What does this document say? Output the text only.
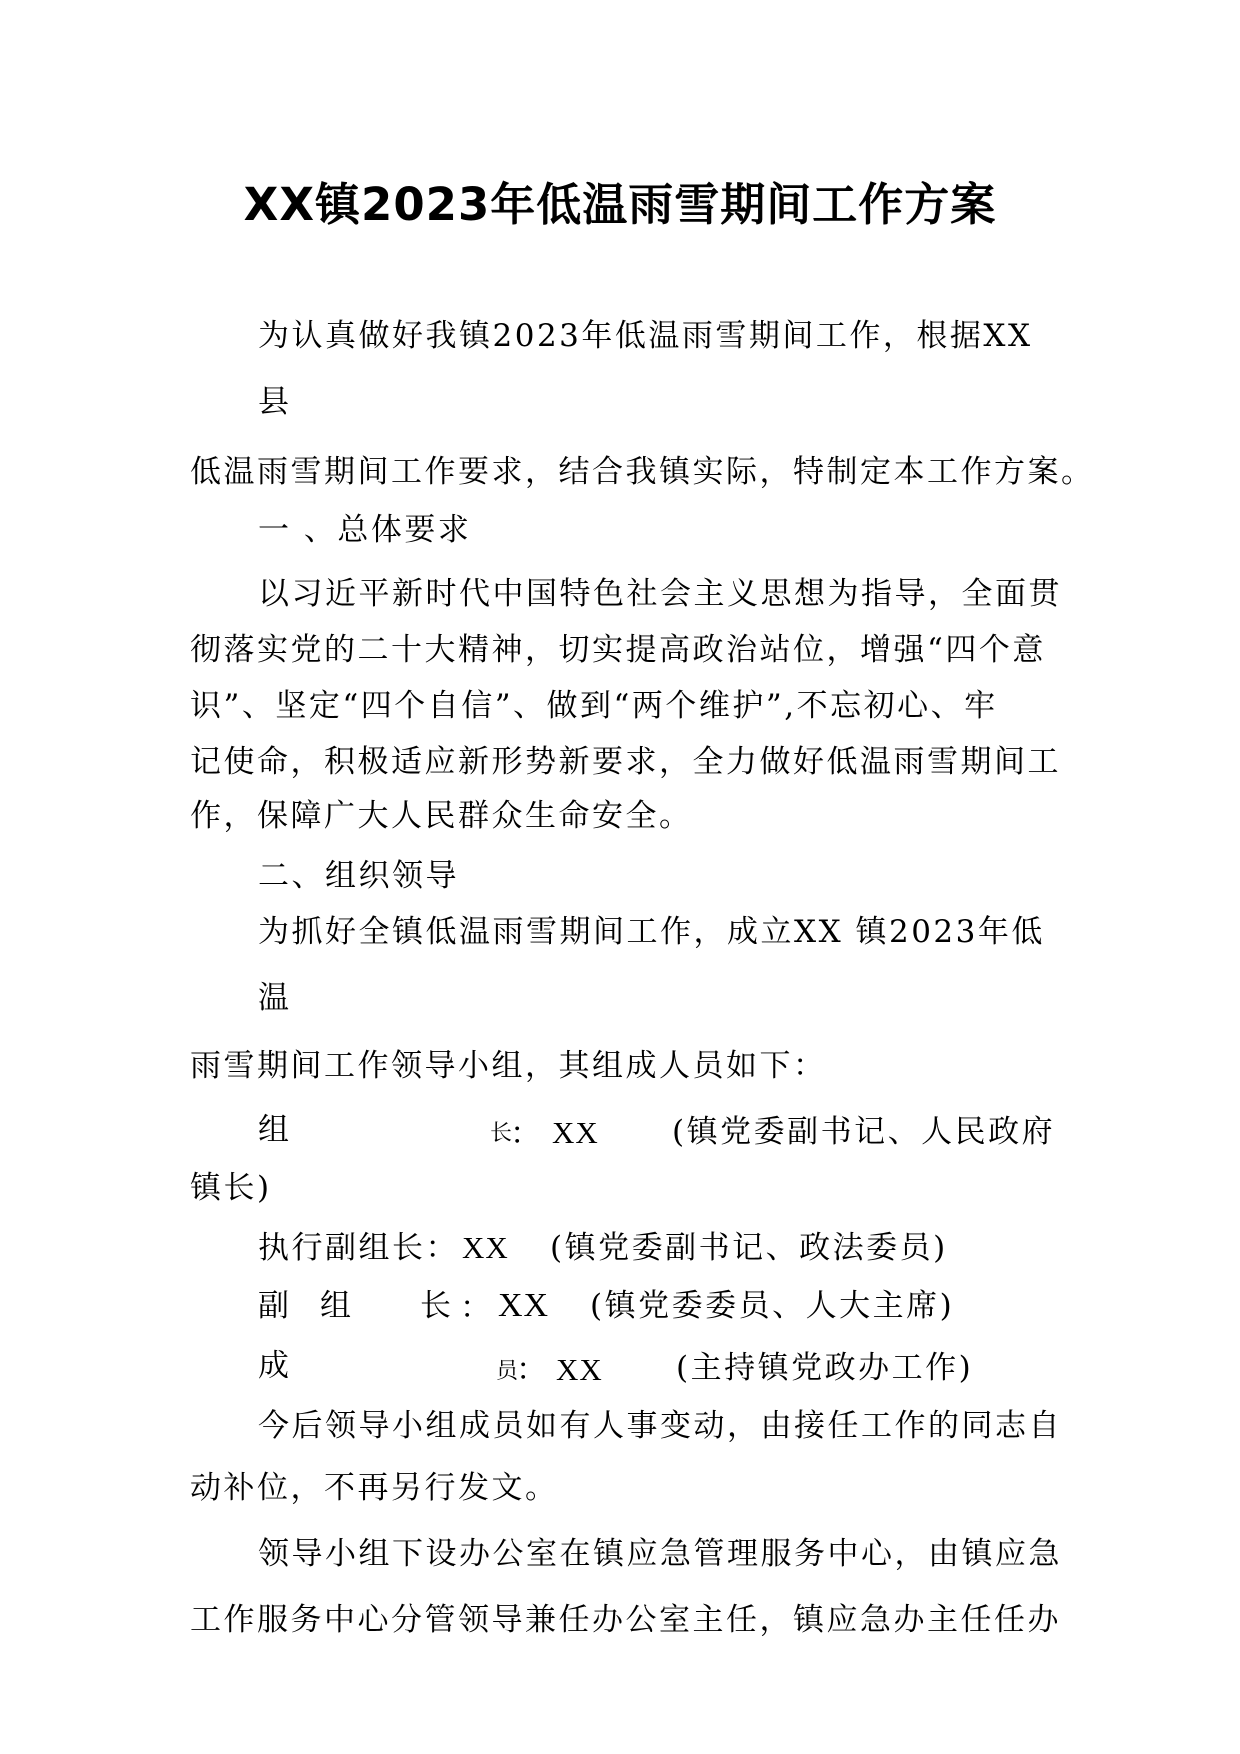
XX镇2023年低温雨雪期间工作方案
为认真做好我镇2023年低温雨雪期间工作，根据XX
县
低温雨雪期间工作要求，结合我镇实际，特制定本工作方案。
一 、总体要求
以习近平新时代中国特色社会主义思想为指导，全面贯
彻落实党的二十大精神，切实提高政治站位，增强“四个意
识”、坚定“四个自信”、做到“两个维护”,不忘初心、牢
记使命，积极适应新形势新要求，全力做好低温雨雪期间工
作，保障广大人民群众生命安全。
二、组织领导
为抓好全镇低温雨雪期间工作，成立XX 镇2023年低
温
雨雪期间工作领导小组，其组成人员如下：
组	长
： XX (镇党委副书记、人民政府
镇长)
执行副组长： XX (镇党委副书记、政法委员)
副 组 长 ： XX (镇党委委员、人大主席)
成	员
： XX (主持镇党政办工作)
今后领导小组成员如有人事变动，由接任工作的同志自
动补位，不再另行发文。
领导小组下设办公室在镇应急管理服务中心，由镇应急
工作服务中心分管领导兼任办公室主任，镇应急办主任任办
